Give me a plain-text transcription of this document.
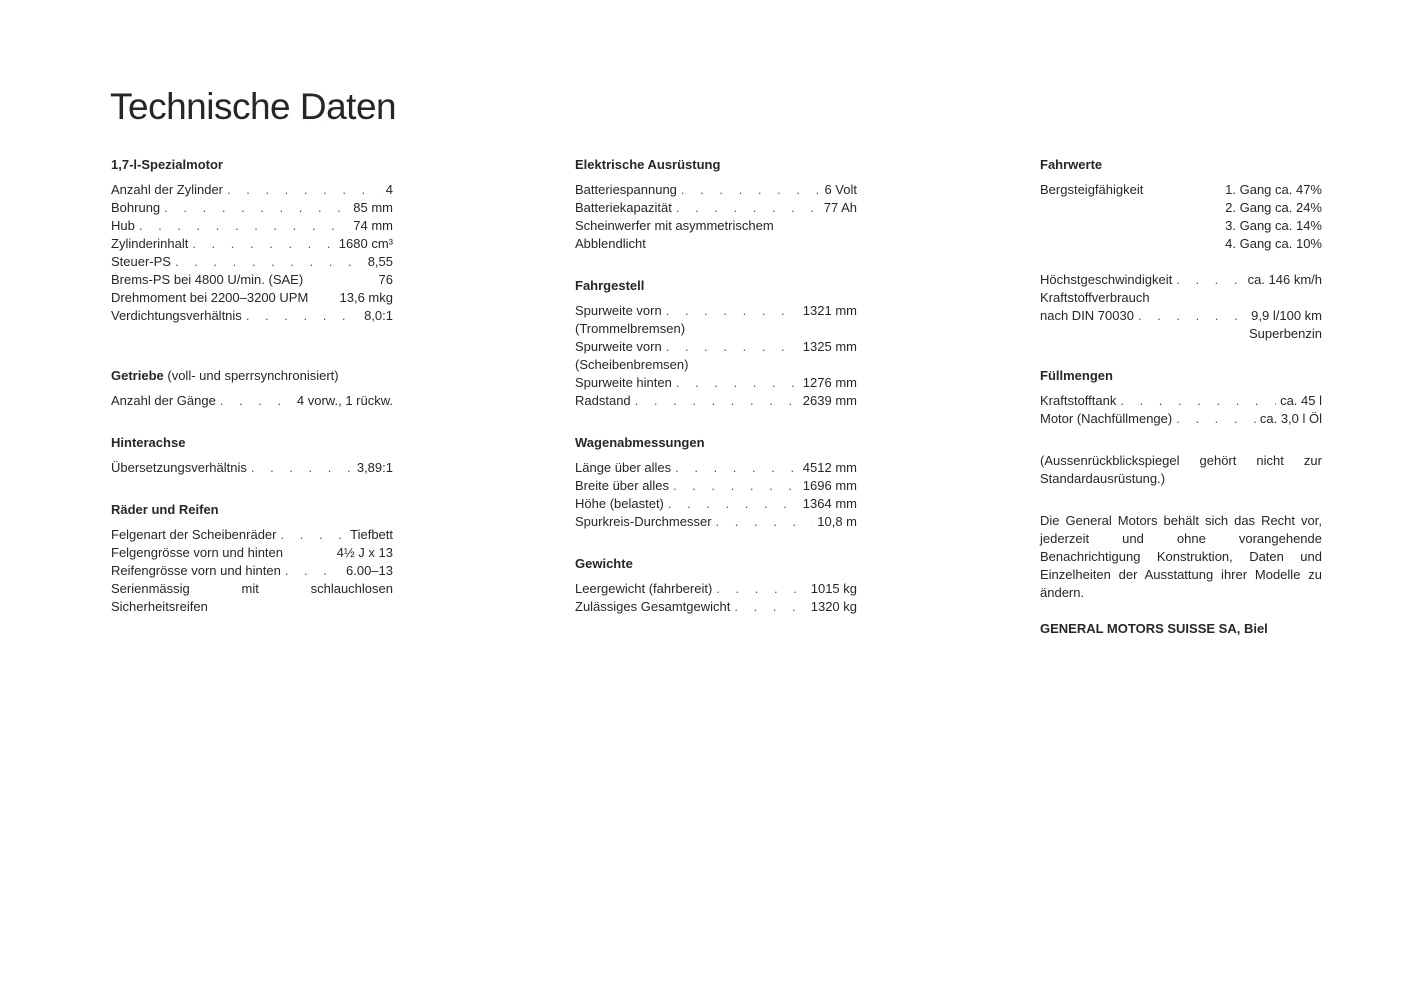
Technische Daten
1,7-l-Spezialmotor
Anzahl der Zylinder . . .	4
Bohrung . . .	85 mm
Hub . . .	74 mm
Zylinderinhalt . . .	1680 cm³
Steuer-PS . . .	8,55
Brems-PS bei 4800 U/min. (SAE)	76
Drehmoment bei 2200–3200 UPM	13,6 mkg
Verdichtungsverhältnis . . .	8,0:1
Getriebe (voll- und sperrsynchronisiert)
Anzahl der Gänge . . .	4 vorw., 1 rückw.
Hinterachse
Übersetzungsverhältnis . . .	3,89:1
Räder und Reifen
Felgenart der Scheibenräder . . .	Tiefbett
Felgengrösse vorn und hinten	4½ J x 13
Reifengrösse vorn und hinten . . .	6.00–13
Serienmässig mit schlauchlosen Sicherheitsreifen
Elektrische Ausrüstung
Batteriespannung . . .	6 Volt
Batteriekapazität . . .	77 Ah
Scheinwerfer mit asymmetrischem
Abblendlicht
Fahrgestell
Spurweite vorn . . .	1321 mm
(Trommelbremsen)
Spurweite vorn . . .	1325 mm
(Scheibenbremsen)
Spurweite hinten . . .	1276 mm
Radstand . . .	2639 mm
Wagenabmessungen
Länge über alles . . .	4512 mm
Breite über alles . . .	1696 mm
Höhe (belastet) . . .	1364 mm
Spurkreis-Durchmesser . . .	10,8 m
Gewichte
Leergewicht (fahrbereit) . . .	1015 kg
Zulässiges Gesamtgewicht . . .	1320 kg
Fahrwerte
Bergsteigfähigkeit	1. Gang ca. 47%
2. Gang ca. 24%
3. Gang ca. 14%
4. Gang ca. 10%
Höchstgeschwindigkeit . . .	ca. 146 km/h
Kraftstoffverbrauch
nach DIN 70030 . . .	9,9 l/100 km
Superbenzin
Füllmengen
Kraftstofftank . . .	ca. 45 l
Motor (Nachfüllmenge) . . .	ca. 3,0 l Öl
(Aussenrückblickspiegel gehört nicht zur Standardausrüstung.)
Die General Motors behält sich das Recht vor, jederzeit und ohne vorangehende Benachrichtigung Konstruktion, Daten und Einzelheiten der Ausstattung ihrer Modelle zu ändern.
GENERAL MOTORS SUISSE SA, Biel
